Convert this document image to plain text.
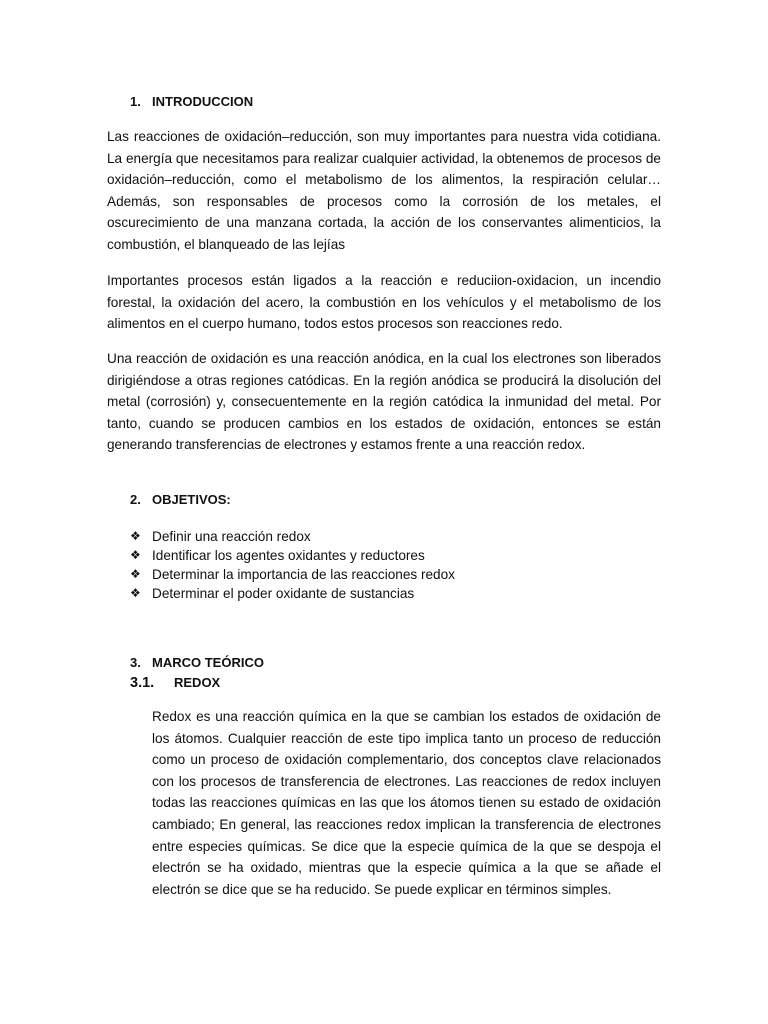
1. INTRODUCCION

Las reacciones de oxidación–reducción, son muy importantes para nuestra vida cotidiana. La energía que necesitamos para realizar cualquier actividad, la obtenemos de procesos de oxidación–reducción, como el metabolismo de los alimentos, la respiración celular… Además, son responsables de procesos como la corrosión de los metales, el oscurecimiento de una manzana cortada, la acción de los conservantes alimenticios, la combustión, el blanqueado de las lejías

Importantes procesos están ligados a la reacción e reduciion-oxidacion, un incendio forestal, la oxidación del acero, la combustión en los vehículos y el metabolismo de los alimentos en el cuerpo humano, todos estos procesos son reacciones redo.

Una reacción de oxidación es una reacción anódica, en la cual los electrones son liberados dirigiéndose a otras regiones catódicas. En la región anódica se producirá la disolución del metal (corrosión) y, consecuentemente en la región catódica la inmunidad del metal. Por tanto, cuando se producen cambios en los estados de oxidación, entonces se están generando transferencias de electrones y estamos frente a una reacción redox.

2. OBJETIVOS:
❖ Definir una reacción redox
❖ Identificar los agentes oxidantes y reductores
❖ Determinar la importancia de las reacciones redox
❖ Determinar el poder oxidante de sustancias
3. MARCO TEÓRICO
3.1. REDOX

Redox es una reacción química en la que se cambian los estados de oxidación de los átomos. Cualquier reacción de este tipo implica tanto un proceso de reducción como un proceso de oxidación complementario, dos conceptos clave relacionados con los procesos de transferencia de electrones. Las reacciones de redox incluyen todas las reacciones químicas en las que los átomos tienen su estado de oxidación cambiado; En general, las reacciones redox implican la transferencia de electrones entre especies químicas. Se dice que la especie química de la que se despoja el electrón se ha oxidado, mientras que la especie química a la que se añade el electrón se dice que se ha reducido. Se puede explicar en términos simples.
